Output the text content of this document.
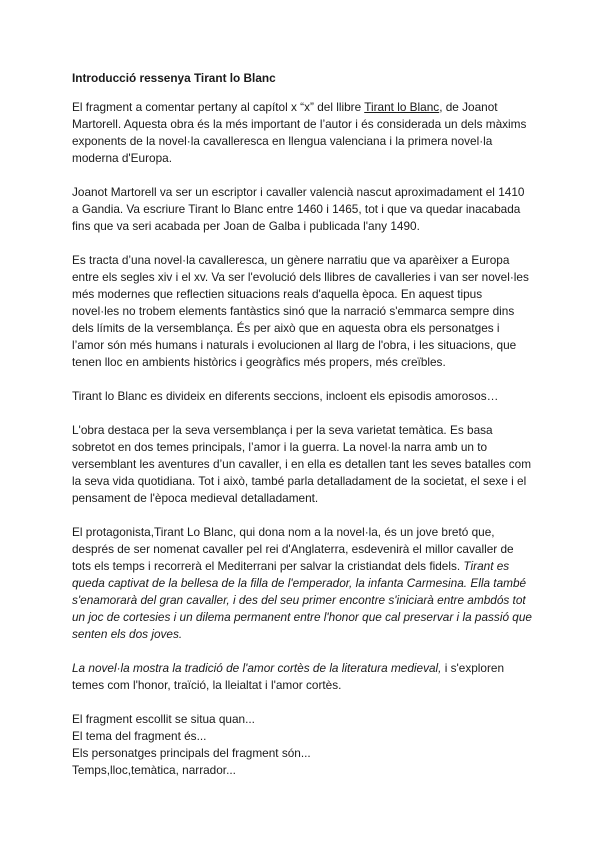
Introducció ressenya Tirant lo Blanc

El fragment a comentar pertany al capítol x “x” del llibre Tirant lo Blanc, de Joanot Martorell. Aquesta obra és la més important de l’autor i és considerada un dels màxims exponents de la novel·la cavalleresca en llengua valenciana i la primera novel·la moderna d'Europa.

Joanot Martorell va ser un escriptor i cavaller valencià nascut aproximadament el 1410 a Gandia. Va escriure Tirant lo Blanc entre 1460 i 1465, tot i que va quedar inacabada fins que va seri acabada per Joan de Galba i publicada l'any 1490.

Es tracta d’una novel·la cavalleresca, un gènere narratiu que va aparèixer a Europa entre els segles xiv i el xv. Va ser l'evolució dels llibres de cavalleries i van ser novel·les més modernes que reflectien situacions reals d'aquella època. En aquest tipus novel·les no trobem elements fantàstics sinó que la narració s'emmarca sempre dins dels límits de la versemblança. És per això que en aquesta obra els personatges i l’amor són més humans i naturals i evolucionen al llarg de l'obra, i les situacions, que tenen lloc en ambients històrics i geogràfics més propers, més creïbles.

Tirant lo Blanc es divideix en diferents seccions, incloent els episodis amorosos…

L'obra destaca per la seva versemblança i per la seva varietat temàtica. Es basa sobretot en dos temes principals, l’amor i la guerra. La novel·la narra amb un to versemblant les aventures d’un cavaller, i en ella es detallen tant les seves batalles com la seva vida quotidiana. Tot i això, també parla detalladament de la societat, el sexe i el pensament de l'època medieval detalladament.

El protagonista,Tirant Lo Blanc, qui dona nom a la novel·la, és un jove bretó que, després de ser nomenat cavaller pel rei d'Anglaterra, esdevenirà el millor cavaller de tots els temps i recorrerà el Mediterrani per salvar la cristiandat dels fidels. Tirant es queda captivat de la bellesa de la filla de l'emperador, la infanta Carmesina. Ella també s'enamorarà del gran cavaller, i des del seu primer encontre s'iniciarà entre ambdós tot un joc de cortesies i un dilema permanent entre l'honor que cal preservar i la passió que senten els dos joves.

La novel·la mostra la tradició de l'amor cortès de la literatura medieval, i s'exploren temes com l'honor, traïció, la lleialtat i l'amor cortès.

El fragment escollit se situa quan...
El tema del fragment és...
Els personatges principals del fragment són...
Temps,lloc,temàtica, narrador...
